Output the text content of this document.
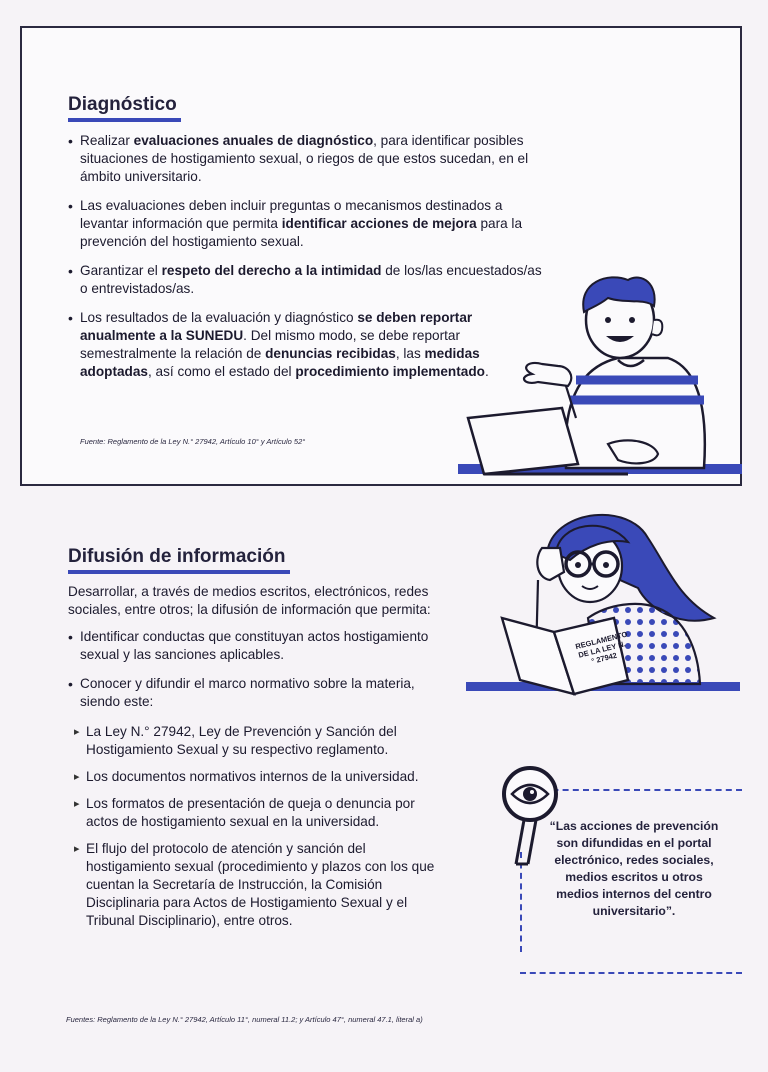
Diagnóstico
• Realizar evaluaciones anuales de diagnóstico, para identificar posibles situaciones de hostigamiento sexual, o riegos de que estos sucedan, en el ámbito universitario.
• Las evaluaciones deben incluir preguntas o mecanismos destinados a levantar información que permita identificar acciones de mejora para la prevención del hostigamiento sexual.
• Garantizar el respeto del derecho a la intimidad de los/las encuestados/as o entrevistados/as.
• Los resultados de la evaluación y diagnóstico se deben reportar anualmente a la SUNEDU. Del mismo modo, se debe reportar semestralmente la relación de denuncias recibidas, las medidas adoptadas, así como el estado del procedimiento implementado.
Fuente: Reglamento de la Ley N.° 27942, Artículo 10° y Artículo 52°
Difusión de información
Desarrollar, a través de medios escritos, electrónicos, redes sociales, entre otros; la difusión de información que permita:
• Identificar conductas que constituyan actos hostigamiento sexual y las sanciones aplicables.
• Conocer y difundir el marco normativo sobre la materia, siendo este:
▸ La Ley N.° 27942, Ley de Prevención y Sanción del Hostigamiento Sexual y su respectivo reglamento.
▸ Los documentos normativos internos de la universidad.
▸ Los formatos de presentación de queja o denuncia por actos de hostigamiento sexual en la universidad.
▸ El flujo del protocolo de atención y sanción del hostigamiento sexual (procedimiento y plazos con los que cuentan la Secretaría de Instrucción, la Comisión Disciplinaria para Actos de Hostigamiento Sexual y el Tribunal Disciplinario), entre otros.
Fuentes: Reglamento de la Ley N.° 27942, Artículo 11°, numeral 11.2; y Artículo 47°, numeral 47.1, literal a)
REGLAMENTO DE LA LEY N.° 27942
“Las acciones de prevención son difundidas en el portal electrónico, redes sociales, medios escritos u otros medios internos del centro universitario”.
